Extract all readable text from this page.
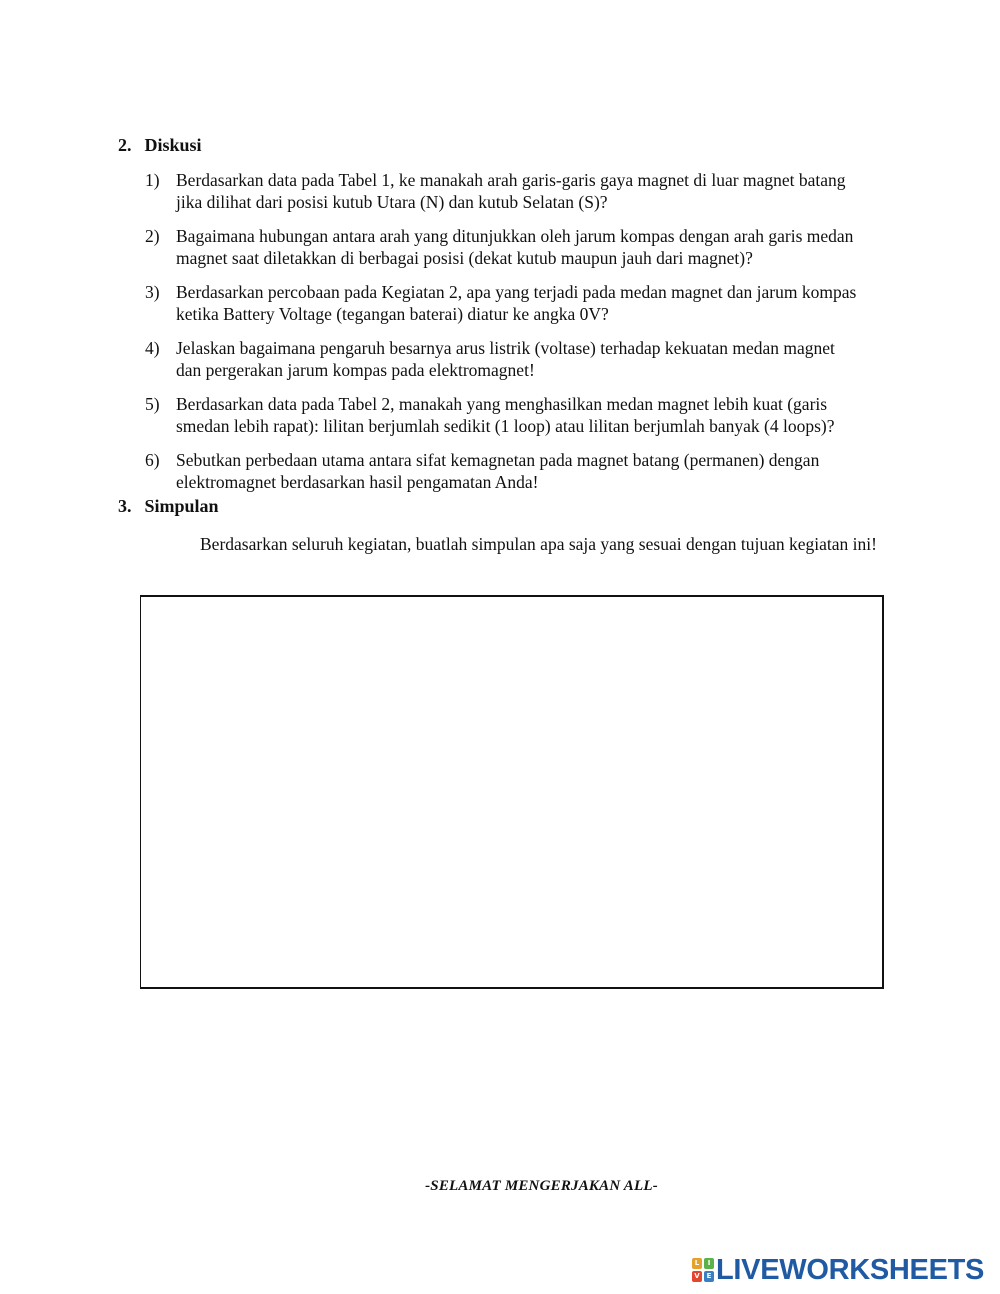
2. Diskusi
1) Berdasarkan data pada Tabel 1, ke manakah arah garis-garis gaya magnet di luar magnet batang
jika dilihat dari posisi kutub Utara (N) dan kutub Selatan (S)?
2) Bagaimana hubungan antara arah yang ditunjukkan oleh jarum kompas dengan arah garis medan
magnet saat diletakkan di berbagai posisi (dekat kutub maupun jauh dari magnet)?
3) Berdasarkan percobaan pada Kegiatan 2, apa yang terjadi pada medan magnet dan jarum kompas
ketika Battery Voltage (tegangan baterai) diatur ke angka 0V?
4) Jelaskan bagaimana pengaruh besarnya arus listrik (voltase) terhadap kekuatan medan magnet
dan pergerakan jarum kompas pada elektromagnet!
5) Berdasarkan data pada Tabel 2, manakah yang menghasilkan medan magnet lebih kuat (garis
smedan lebih rapat): lilitan berjumlah sedikit (1 loop) atau lilitan berjumlah banyak (4 loops)?
6) Sebutkan perbedaan utama antara sifat kemagnetan pada magnet batang (permanen) dengan
elektromagnet berdasarkan hasil pengamatan Anda!
3. Simpulan
Berdasarkan seluruh kegiatan, buatlah simpulan apa saja yang sesuai dengan tujuan kegiatan ini!
-SELAMAT MENGERJAKAN ALL-
L	I
V E LIVEWORKSHEETS
